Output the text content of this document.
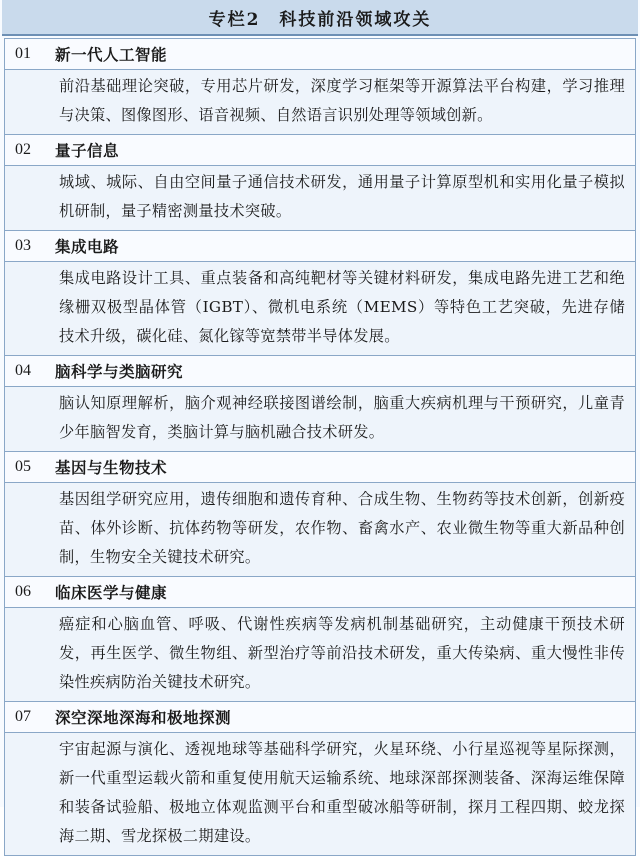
专栏2　科技前沿领域攻关
01	新一代人工智能
前沿基础理论突破，专用芯片研发，深度学习框架等开源算法平台构建，学习推理与决策、图像图形、语音视频、自然语言识别处理等领域创新。
02	量子信息
城域、城际、自由空间量子通信技术研发，通用量子计算原型机和实用化量子模拟机研制，量子精密测量技术突破。
03	集成电路
集成电路设计工具、重点装备和高纯靶材等关键材料研发，集成电路先进工艺和绝缘栅双极型晶体管（IGBT）、微机电系统（MEMS）等特色工艺突破，先进存储技术升级，碳化硅、氮化镓等宽禁带半导体发展。
04	脑科学与类脑研究
脑认知原理解析，脑介观神经联接图谱绘制，脑重大疾病机理与干预研究，儿童青少年脑智发育，类脑计算与脑机融合技术研发。
05	基因与生物技术
基因组学研究应用，遗传细胞和遗传育种、合成生物、生物药等技术创新，创新疫苗、体外诊断、抗体药物等研发，农作物、畜禽水产、农业微生物等重大新品种创制，生物安全关键技术研究。
06	临床医学与健康
癌症和心脑血管、呼吸、代谢性疾病等发病机制基础研究，主动健康干预技术研发，再生医学、微生物组、新型治疗等前沿技术研发，重大传染病、重大慢性非传染性疾病防治关键技术研究。
07	深空深地深海和极地探测
宇宙起源与演化、透视地球等基础科学研究，火星环绕、小行星巡视等星际探测，新一代重型运载火箭和重复使用航天运输系统、地球深部探测装备、深海运维保障和装备试验船、极地立体观监测平台和重型破冰船等研制，探月工程四期、蛟龙探海二期、雪龙探极二期建设。
